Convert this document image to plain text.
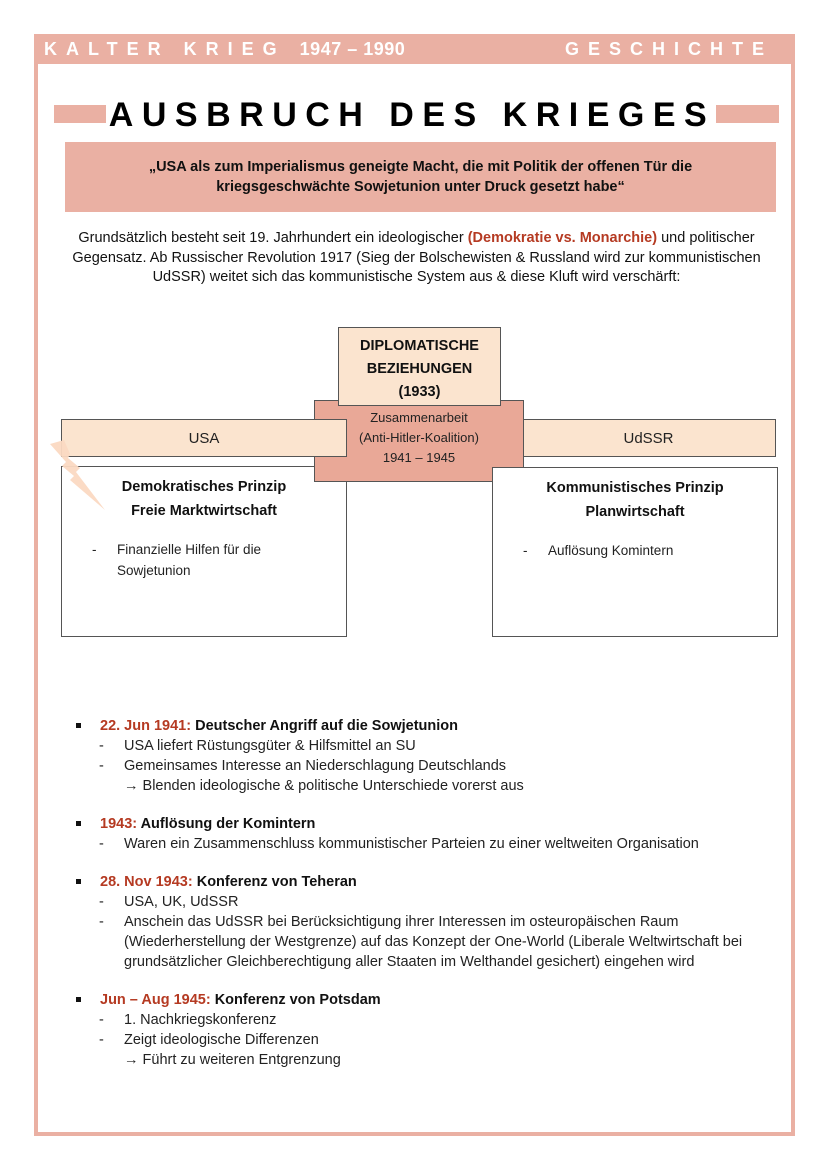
KALTER KRIEG 1947 – 1990	GESCHICHTE
AUSBRUCH DES KRIEGES

„USA als zum Imperialismus geneigte Macht, die mit Politik der offenen Tür die kriegsgeschwächte Sowjetunion unter Druck gesetzt habe“

Grundsätzlich besteht seit 19. Jahrhundert ein ideologischer (Demokratie vs. Monarchie) und politischer Gegensatz. Ab Russischer Revolution 1917 (Sieg der Bolschewisten & Russland wird zur kommunistischen UdSSR) weitet sich das kommunistische System aus & diese Kluft wird verschärft:

DIPLOMATISCHE
BEZIEHUNGEN
(1933)
Zusammenarbeit
(Anti-Hitler-Koalition)
1941 – 1945
USA	UdSSR
Demokratisches Prinzip
Freie Marktwirtschaft
- Finanzielle Hilfen für die Sowjetunion
Kommunistisches Prinzip
Planwirtschaft
- Auflösung Komintern
22. Jun 1941: Deutscher Angriff auf die Sowjetunion
- USA liefert Rüstungsgüter & Hilfsmittel an SU
- Gemeinsames Interesse an Niederschlagung Deutschlands
→ Blenden ideologische & politische Unterschiede vorerst aus
1943: Auflösung der Komintern
- Waren ein Zusammenschluss kommunistischer Parteien zu einer weltweiten Organisation
28. Nov 1943: Konferenz von Teheran
- USA, UK, UdSSR
- Anschein das UdSSR bei Berücksichtigung ihrer Interessen im osteuropäischen Raum (Wiederherstellung der Westgrenze) auf das Konzept der One-World (Liberale Weltwirtschaft bei grundsätzlicher Gleichberechtigung aller Staaten im Welthandel gesichert) eingehen wird
Jun – Aug 1945: Konferenz von Potsdam
- 1. Nachkriegskonferenz
- Zeigt ideologische Differenzen
→ Führt zu weiteren Entgrenzung
